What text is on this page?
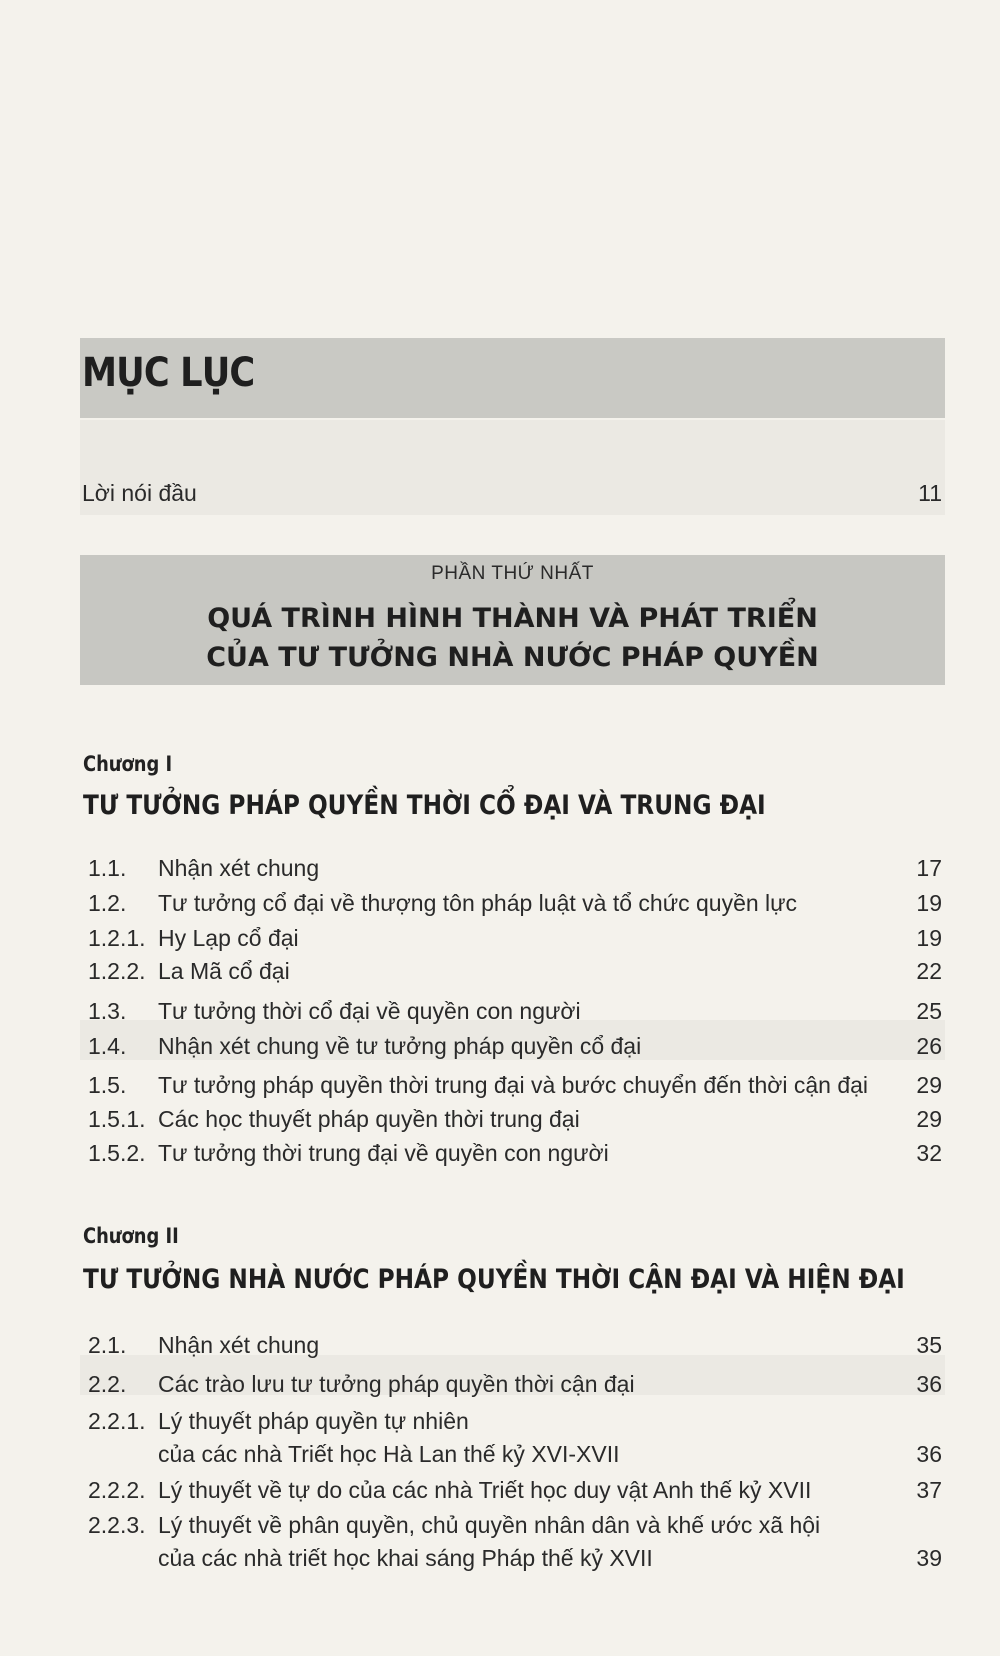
MỤC LỤC
Lời nói đầu	11
PHẦN THỨ NHẤT
QUÁ TRÌNH HÌNH THÀNH VÀ PHÁT TRIỂN
CỦA TƯ TƯỞNG NHÀ NƯỚC PHÁP QUYỀN
Chương I
TƯ TƯỞNG PHÁP QUYỀN THỜI CỔ ĐẠI VÀ TRUNG ĐẠI
1.1. Nhận xét chung	17
1.2. Tư tưởng cổ đại về thượng tôn pháp luật và tổ chức quyền lực	19
1.2.1. Hy Lạp cổ đại	19
1.2.2. La Mã cổ đại	22
1.3. Tư tưởng thời cổ đại về quyền con người	25
1.4. Nhận xét chung về tư tưởng pháp quyền cổ đại	26
1.5. Tư tưởng pháp quyền thời trung đại và bước chuyển đến thời cận đại 29
1.5.1. Các học thuyết pháp quyền thời trung đại	29
1.5.2. Tư tưởng thời trung đại về quyền con người	32
Chương II
TƯ TƯỞNG NHÀ NƯỚC PHÁP QUYỀN THỜI CẬN ĐẠI VÀ HIỆN ĐẠI
2.1. Nhận xét chung	35
2.2. Các trào lưu tư tưởng pháp quyền thời cận đại	36
2.2.1. Lý thuyết pháp quyền tự nhiên
của các nhà Triết học Hà Lan thế kỷ XVI-XVII	36
2.2.2. Lý thuyết về tự do của các nhà Triết học duy vật Anh thế kỷ XVII	37
2.2.3. Lý thuyết về phân quyền, chủ quyền nhân dân và khế ước xã hội
của các nhà triết học khai sáng Pháp thế kỷ XVII	39
